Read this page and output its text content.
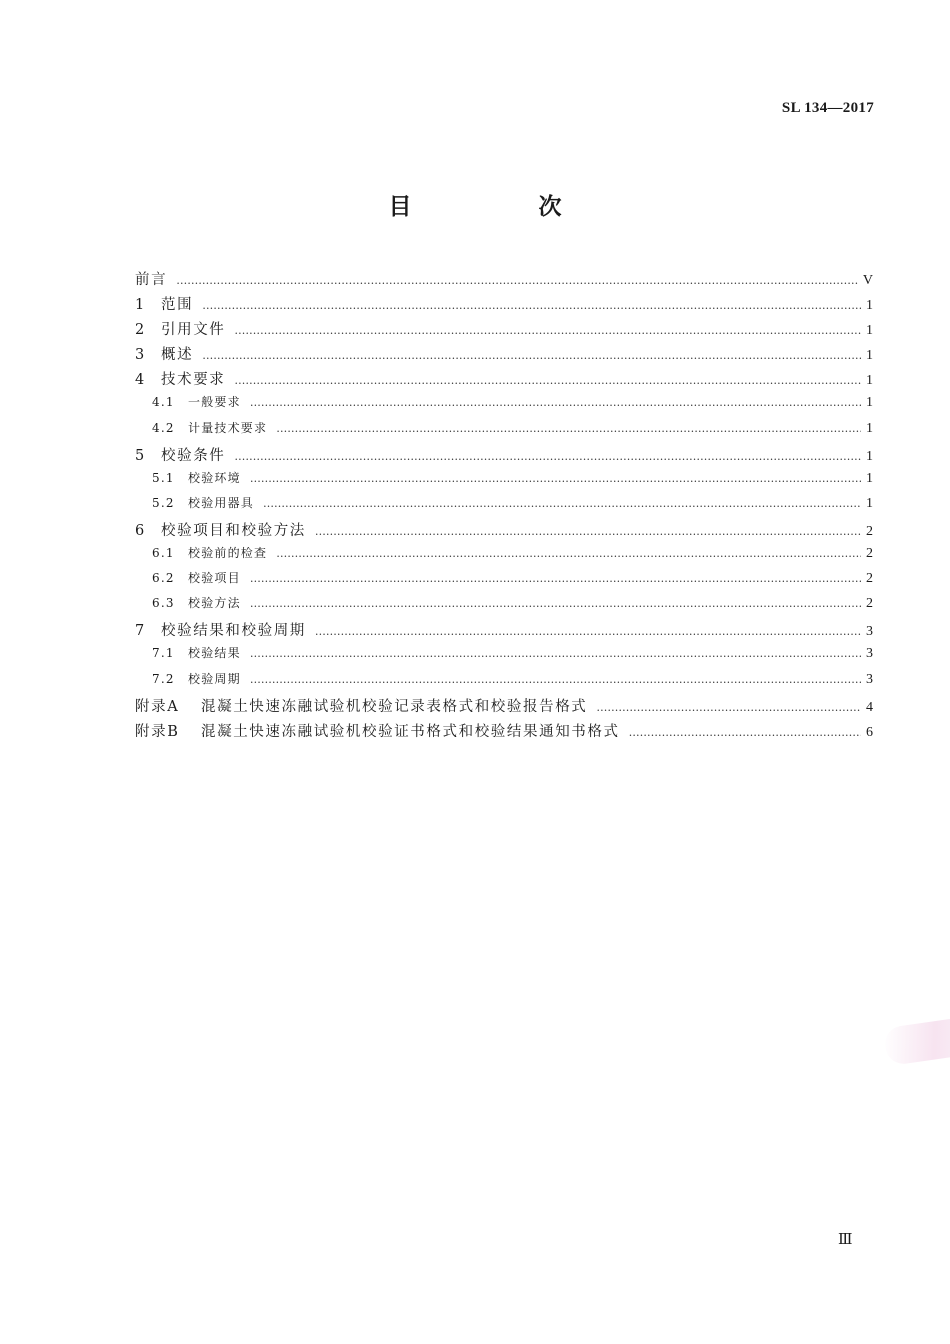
SL 134—2017
目　次
前言 ……………………………………………………………………………………………………………………………………………………………………………………………………………	V
1	范围 ……………………………………………………………………………………………………………………………………………………………………………………………………………	1
2	引用文件 ……………………………………………………………………………………………………………………………………………………………………………………………………………	1
3	概述 ……………………………………………………………………………………………………………………………………………………………………………………………………………	1
4	技术要求 ……………………………………………………………………………………………………………………………………………………………………………………………………………	1
4.1	一般要求 ……………………………………………………………………………………………………………………………………………………………………………………………………………	1
4.2	计量技术要求 ……………………………………………………………………………………………………………………………………………………………………………………………………………	1
5	校验条件 ……………………………………………………………………………………………………………………………………………………………………………………………………………	1
5.1	校验环境 ……………………………………………………………………………………………………………………………………………………………………………………………………………	1
5.2	校验用器具 ……………………………………………………………………………………………………………………………………………………………………………………………………………	1
6	校验项目和校验方法 ……………………………………………………………………………………………………………………………………………………………………………………………………………	2
6.1	校验前的检查 ……………………………………………………………………………………………………………………………………………………………………………………………………………	2
6.2	校验项目 ……………………………………………………………………………………………………………………………………………………………………………………………………………	2
6.3	校验方法 ……………………………………………………………………………………………………………………………………………………………………………………………………………	2
7	校验结果和校验周期 ……………………………………………………………………………………………………………………………………………………………………………………………………………	3
7.1	校验结果 ……………………………………………………………………………………………………………………………………………………………………………………………………………	3
7.2	校验周期 ……………………………………………………………………………………………………………………………………………………………………………………………………………	3
附录A	混凝土快速冻融试验机校验记录表格式和校验报告格式 ……………………………………………………………………………………………………………………………………………………………………………………………………………	4
附录B	混凝土快速冻融试验机校验证书格式和校验结果通知书格式 ……………………………………………………………………………………………………………………………………………………………………………………………………………	6
Ⅲ
